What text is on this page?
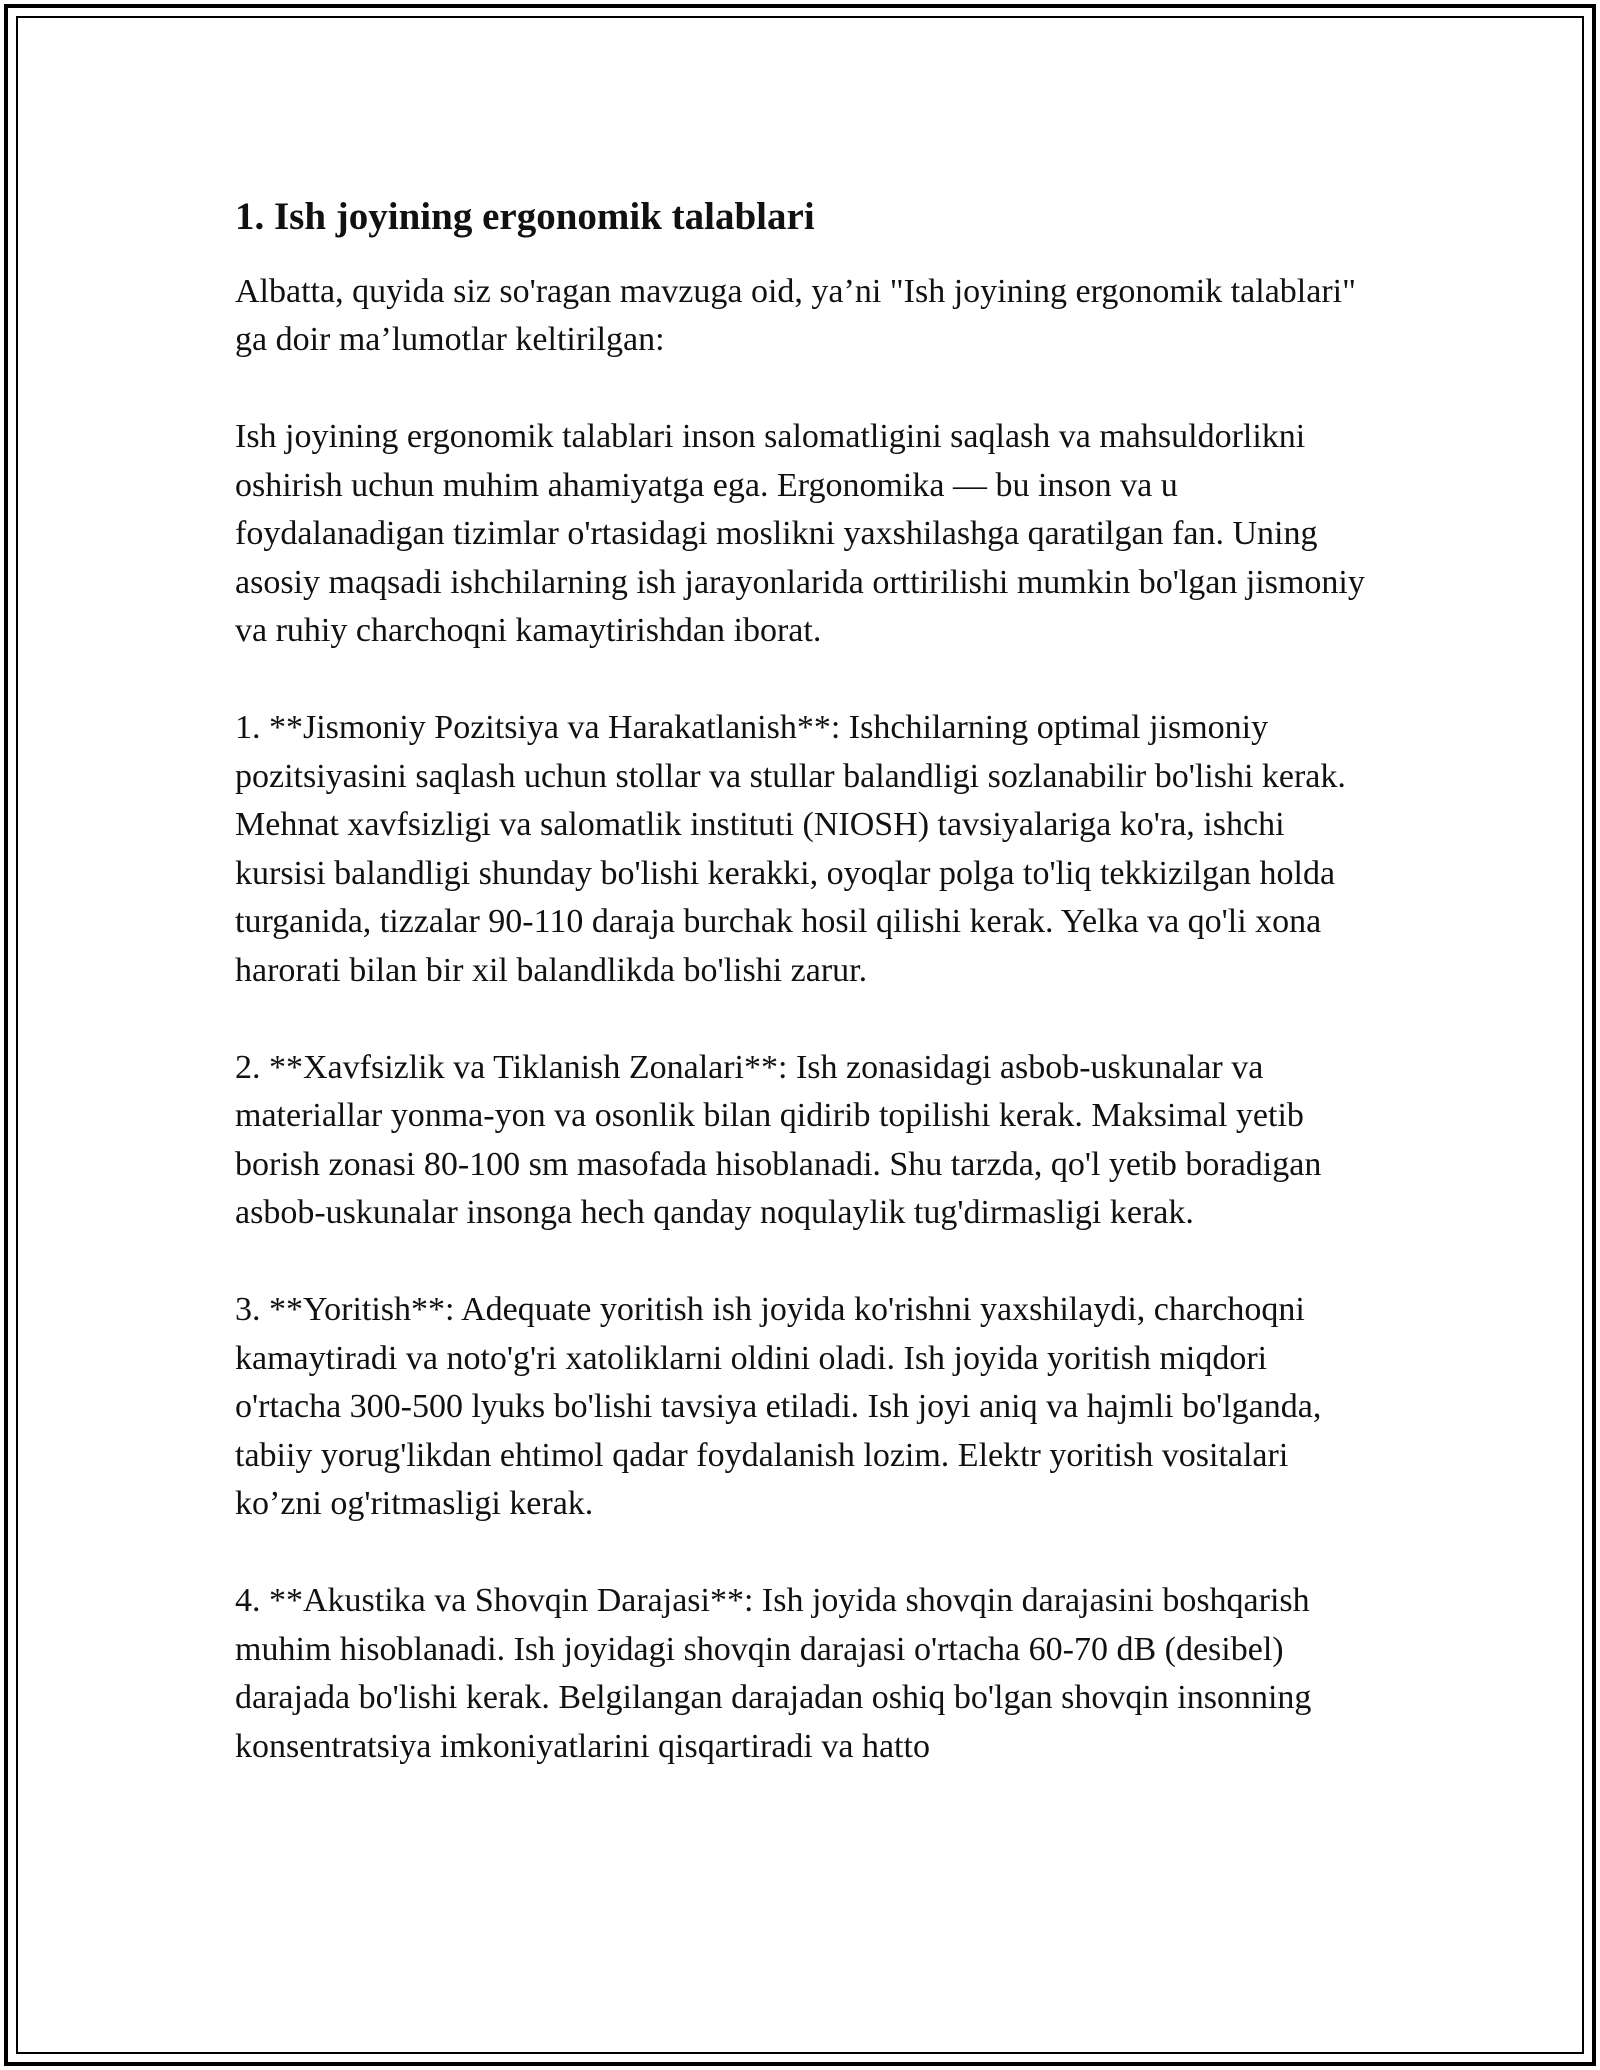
1. Ish joyining ergonomik talablari

Albatta, quyida siz so'ragan mavzuga oid, ya’ni "Ish joyining ergonomik talablari" ga doir ma’lumotlar keltirilgan:

Ish joyining ergonomik talablari inson salomatligini saqlash va mahsuldorlikni oshirish uchun muhim ahamiyatga ega. Ergonomika — bu inson va u foydalanadigan tizimlar o'rtasidagi moslikni yaxshilashga qaratilgan fan. Uning asosiy maqsadi ishchilarning ish jarayonlarida orttirilishi mumkin bo'lgan jismoniy va ruhiy charchoqni kamaytirishdan iborat.

1. **Jismoniy Pozitsiya va Harakatlanish**: Ishchilarning optimal jismoniy pozitsiyasini saqlash uchun stollar va stullar balandligi sozlanabilir bo'lishi kerak. Mehnat xavfsizligi va salomatlik instituti (NIOSH) tavsiyalariga ko'ra, ishchi kursisi balandligi shunday bo'lishi kerakki, oyoqlar polga to'liq tekkizilgan holda turganida, tizzalar 90-110 daraja burchak hosil qilishi kerak. Yelka va qo'li xona harorati bilan bir xil balandlikda bo'lishi zarur.

2. **Xavfsizlik va Tiklanish Zonalari**: Ish zonasidagi asbob-uskunalar va materiallar yonma-yon va osonlik bilan qidirib topilishi kerak. Maksimal yetib borish zonasi 80-100 sm masofada hisoblanadi. Shu tarzda, qo'l yetib boradigan asbob-uskunalar insonga hech qanday noqulaylik tug'dirmasligi kerak.

3. **Yoritish**: Adequate yoritish ish joyida ko'rishni yaxshilaydi, charchoqni kamaytiradi va noto'g'ri xatoliklarni oldini oladi. Ish joyida yoritish miqdori o'rtacha 300-500 lyuks bo'lishi tavsiya etiladi. Ish joyi aniq va hajmli bo'lganda, tabiiy yorug'likdan ehtimol qadar foydalanish lozim. Elektr yoritish vositalari ko’zni og'ritmasligi kerak.

4. **Akustika va Shovqin Darajasi**: Ish joyida shovqin darajasini boshqarish muhim hisoblanadi. Ish joyidagi shovqin darajasi o'rtacha 60-70 dB (desibel) darajada bo'lishi kerak. Belgilangan darajadan oshiq bo'lgan shovqin insonning konsentratsiya imkoniyatlarini qisqartiradi va hatto
